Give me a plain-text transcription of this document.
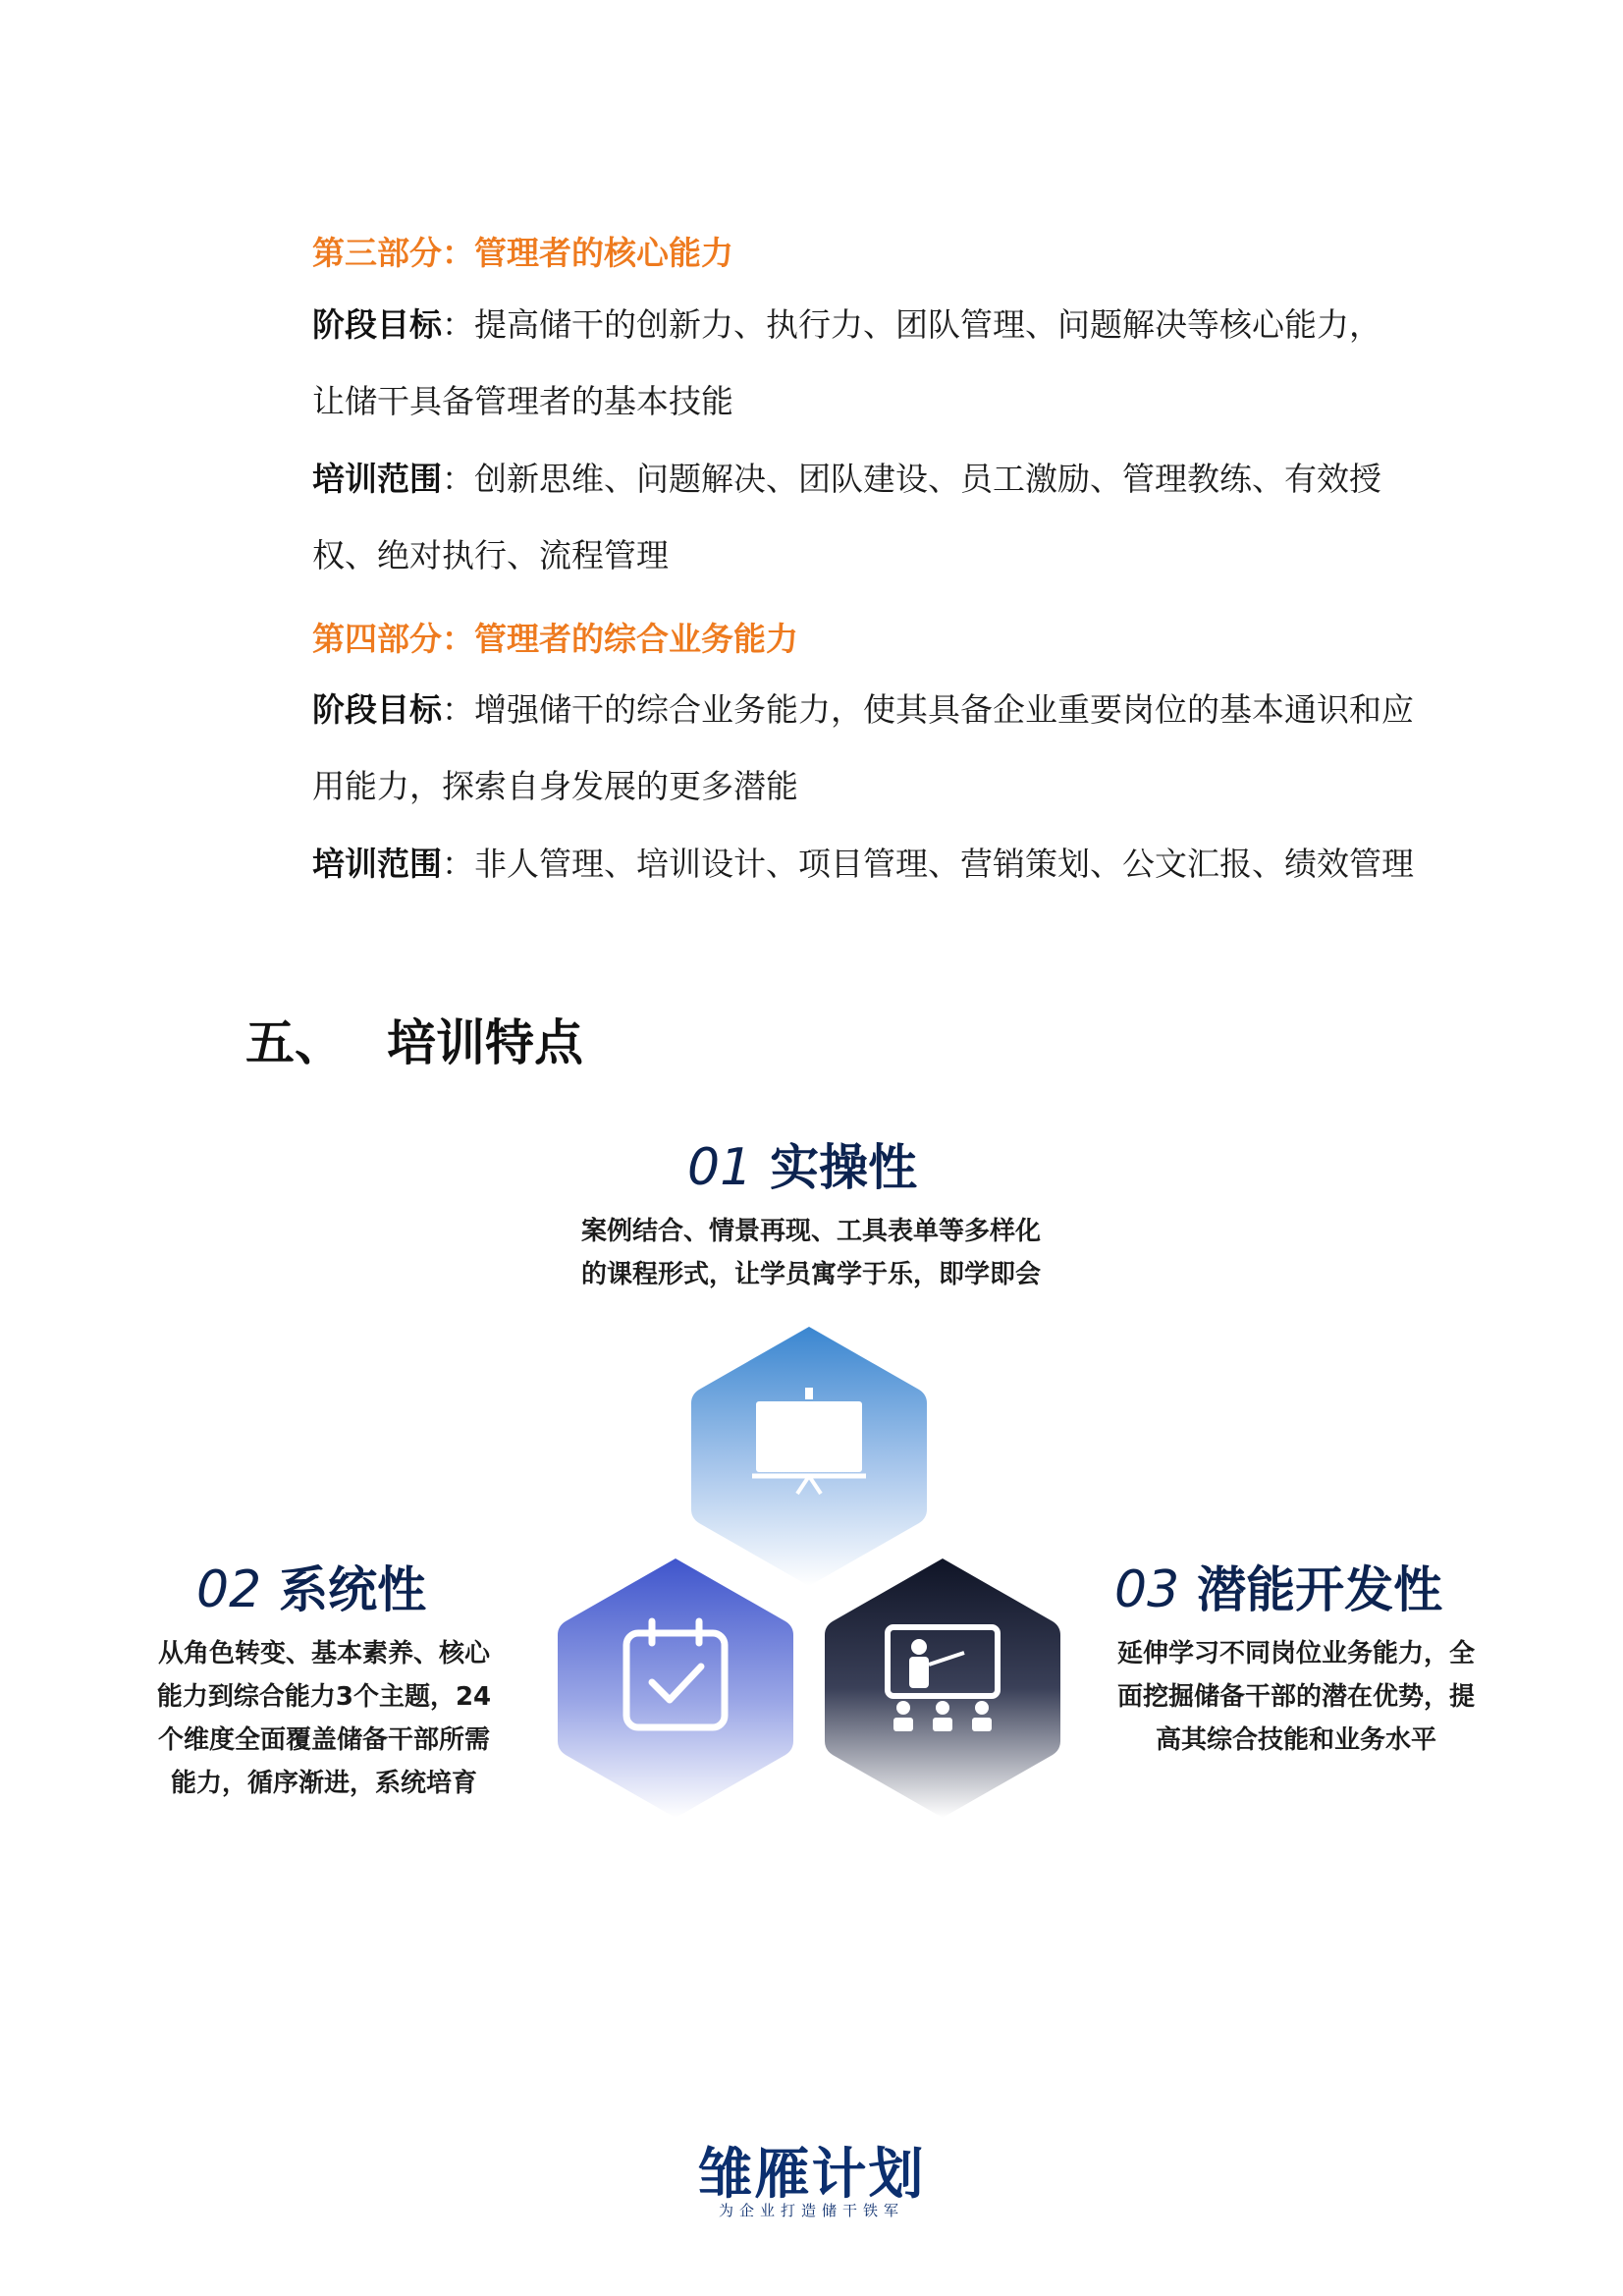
第三部分：管理者的核心能力
阶段目标：提高储干的创新力、执行力、团队管理、问题解决等核心能力，
让储干具备管理者的基本技能
培训范围：创新思维、问题解决、团队建设、员工激励、管理教练、有效授
权、绝对执行、流程管理
第四部分：管理者的综合业务能力
阶段目标：增强储干的综合业务能力，使其具备企业重要岗位的基本通识和应
用能力，探索自身发展的更多潜能
培训范围：非人管理、培训设计、项目管理、营销策划、公文汇报、绩效管理
五、 培训特点
01 实操性
案例结合、情景再现、工具表单等多样化
的课程形式，让学员寓学于乐，即学即会
02 系统性
从角色转变、基本素养、核心
能力到综合能力3个主题，24
个维度全面覆盖储备干部所需
能力，循序渐进，系统培育
03 潜能开发性
延伸学习不同岗位业务能力，全
面挖掘储备干部的潜在优势，提
高其综合技能和业务水平
雏雁计划
为企业打造储干铁军
